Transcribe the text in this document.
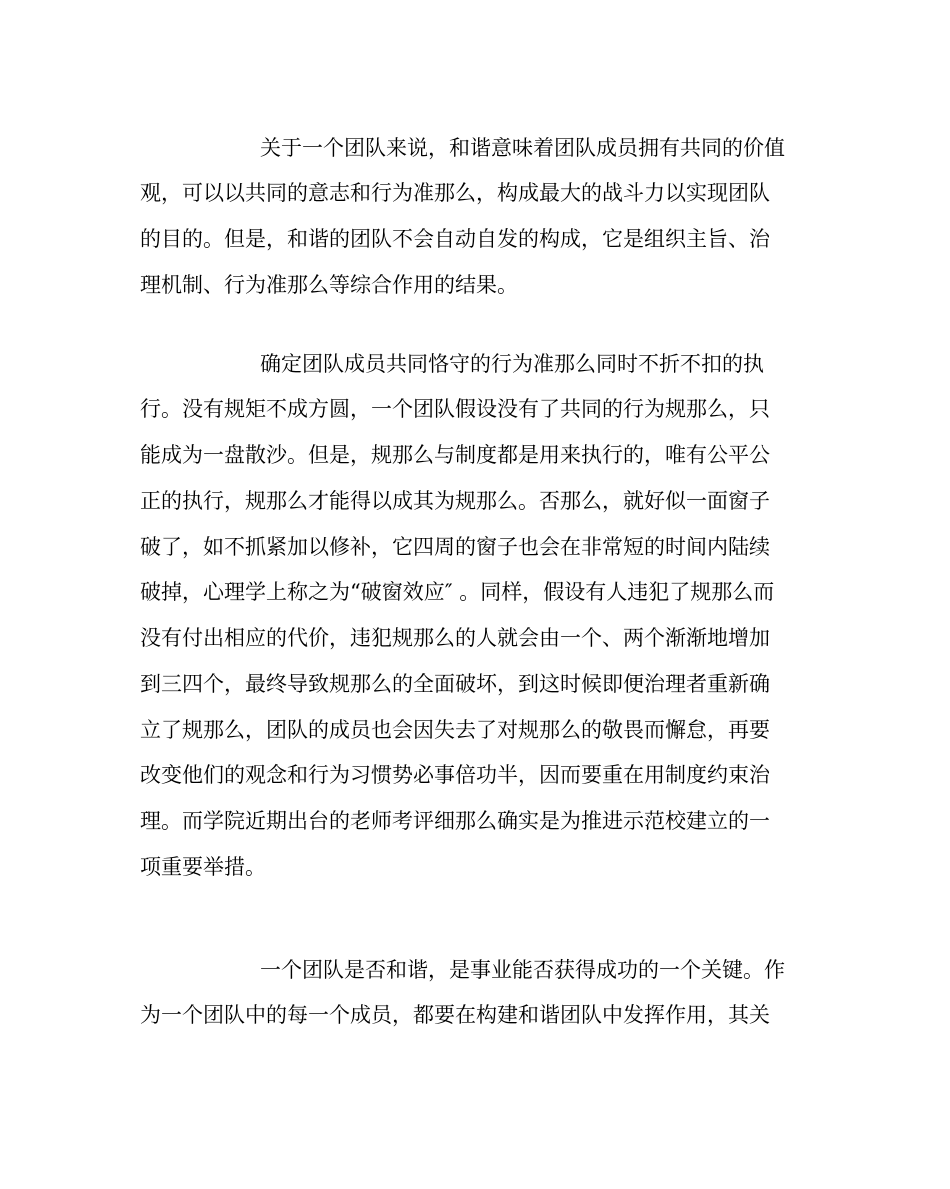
关于一个团队来说，和谐意味着团队成员拥有共同的价值
观，可以以共同的意志和行为准那么，构成最大的战斗力以实现团队
的目的。但是，和谐的团队不会自动自发的构成，它是组织主旨、治
理机制、行为准那么等综合作用的结果。
确定团队成员共同恪守的行为准那么同时不折不扣的执
行。没有规矩不成方圆，一个团队假设没有了共同的行为规那么，只
能成为一盘散沙。但是，规那么与制度都是用来执行的，唯有公平公
正的执行，规那么才能得以成其为规那么。否那么，就好似一面窗子
破了，如不抓紧加以修补，它四周的窗子也会在非常短的时间内陆续
破掉，心理学上称之为“破窗效应″ 。同样，假设有人违犯了规那么而
没有付出相应的代价，违犯规那么的人就会由一个、两个渐渐地增加
到三四个，最终导致规那么的全面破坏，到这时候即便治理者重新确
立了规那么，团队的成员也会因失去了对规那么的敬畏而懈怠，再要
改变他们的观念和行为习惯势必事倍功半，因而要重在用制度约束治
理。而学院近期出台的老师考评细那么确实是为推进示范校建立的一
项重要举措。
一个团队是否和谐，是事业能否获得成功的一个关键。作
为一个团队中的每一个成员，都要在构建和谐团队中发挥作用，其关
